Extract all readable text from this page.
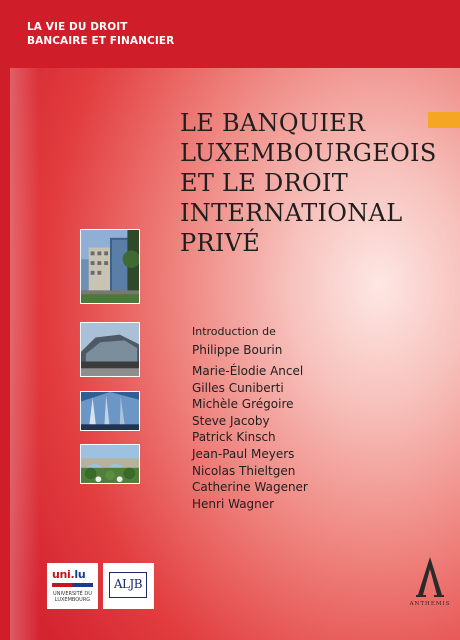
LA VIE DU DROIT
BANCAIRE ET FINANCIER
LE BANQUIER
LUXEMBOURGEOIS
ET LE DROIT
INTERNATIONAL
PRIVÉ
Introduction de
Philippe Bourin
Marie-Élodie Ancel
Gilles Cuniberti
Michèle Grégoire
Steve Jacoby
Patrick Kinsch
Jean-Paul Meyers
Nicolas Thieltgen
Catherine Wagener
Henri Wagner
uni.lu
UNIVERSITÉ DU
LUXEMBOURG
ALJB
ANTHEMIS
